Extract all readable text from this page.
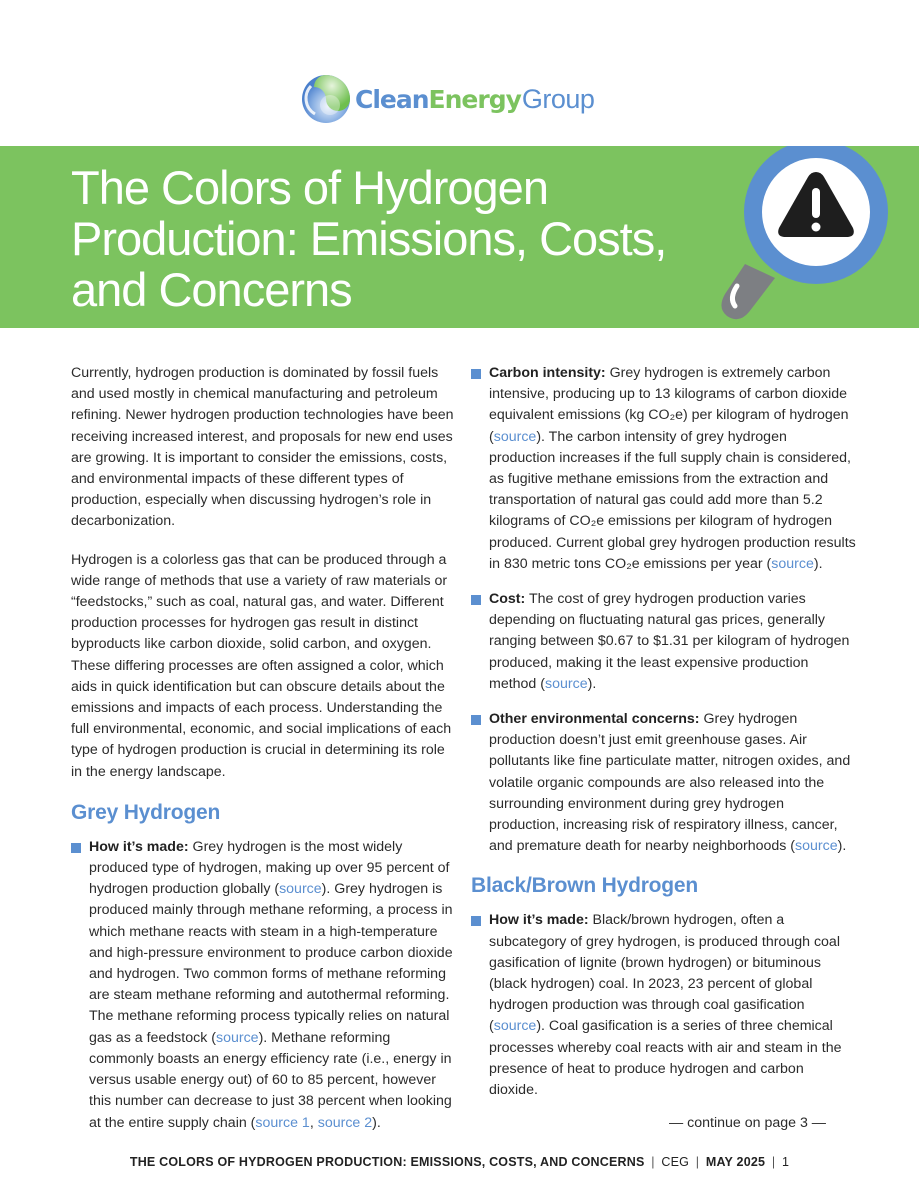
Clean Energy Group
The Colors of Hydrogen
Production: Emissions, Costs,
and Concerns

Currently, hydrogen production is dominated by fossil fuels and used mostly in chemical manufacturing and petroleum refining. Newer hydrogen production technologies have been receiving increased interest, and proposals for new end uses are growing. It is important to consider the emissions, costs, and environmental impacts of these different types of production, especially when discussing hydrogen’s role in decarbonization.

Hydrogen is a colorless gas that can be produced through a wide range of methods that use a variety of raw materials or “feedstocks,” such as coal, natural gas, and water. Different production processes for hydrogen gas result in distinct byproducts like carbon dioxide, solid carbon, and oxygen. These differing processes are often assigned a color, which aids in quick identification but can obscure details about the emissions and impacts of each process. Understanding the full environmental, economic, and social implications of each type of hydrogen production is crucial in determining its role in the energy landscape.

Grey Hydrogen
How it’s made: Grey hydrogen is the most widely produced type of hydrogen, making up over 95 percent of hydrogen production globally (source). Grey hydrogen is produced mainly through methane reforming, a process in which methane reacts with steam in a high-temperature and high-pressure environment to produce carbon dioxide and hydrogen. Two common forms of methane reforming are steam methane reforming and autothermal reforming. The methane reforming process typically relies on natural gas as a feedstock (source). Methane reforming commonly boasts an energy efficiency rate (i.e., energy in versus usable energy out) of 60 to 85 percent, however this number can decrease to just 38 percent when looking at the entire supply chain (source 1, source 2).
Carbon intensity: Grey hydrogen is extremely carbon intensive, producing up to 13 kilograms of carbon dioxide equivalent emissions (kg CO₂e) per kilogram of hydrogen (source). The carbon intensity of grey hydrogen production increases if the full supply chain is considered, as fugitive methane emissions from the extraction and transportation of natural gas could add more than 5.2 kilograms of CO₂e emissions per kilogram of hydrogen produced. Current global grey hydrogen production results in 830 metric tons CO₂e emissions per year (source).
Cost: The cost of grey hydrogen production varies depending on fluctuating natural gas prices, generally ranging between $0.67 to $1.31 per kilogram of hydrogen produced, making it the least expensive production method (source).
Other environmental concerns: Grey hydrogen production doesn’t just emit greenhouse gases. Air pollutants like fine particulate matter, nitrogen oxides, and volatile organic compounds are also released into the surrounding environment during grey hydrogen production, increasing risk of respiratory illness, cancer, and premature death for nearby neighborhoods (source).
Black/Brown Hydrogen
How it’s made: Black/brown hydrogen, often a subcategory of grey hydrogen, is produced through coal gasification of lignite (brown hydrogen) or bituminous (black hydrogen) coal. In 2023, 23 percent of global hydrogen production was through coal gasification (source). Coal gasification is a series of three chemical processes whereby coal reacts with air and steam in the presence of heat to produce hydrogen and carbon dioxide.
— continue on page 3 —
THE COLORS OF HYDROGEN PRODUCTION: EMISSIONS, COSTS, AND CONCERNS | CEG | MAY 2025 | 1
